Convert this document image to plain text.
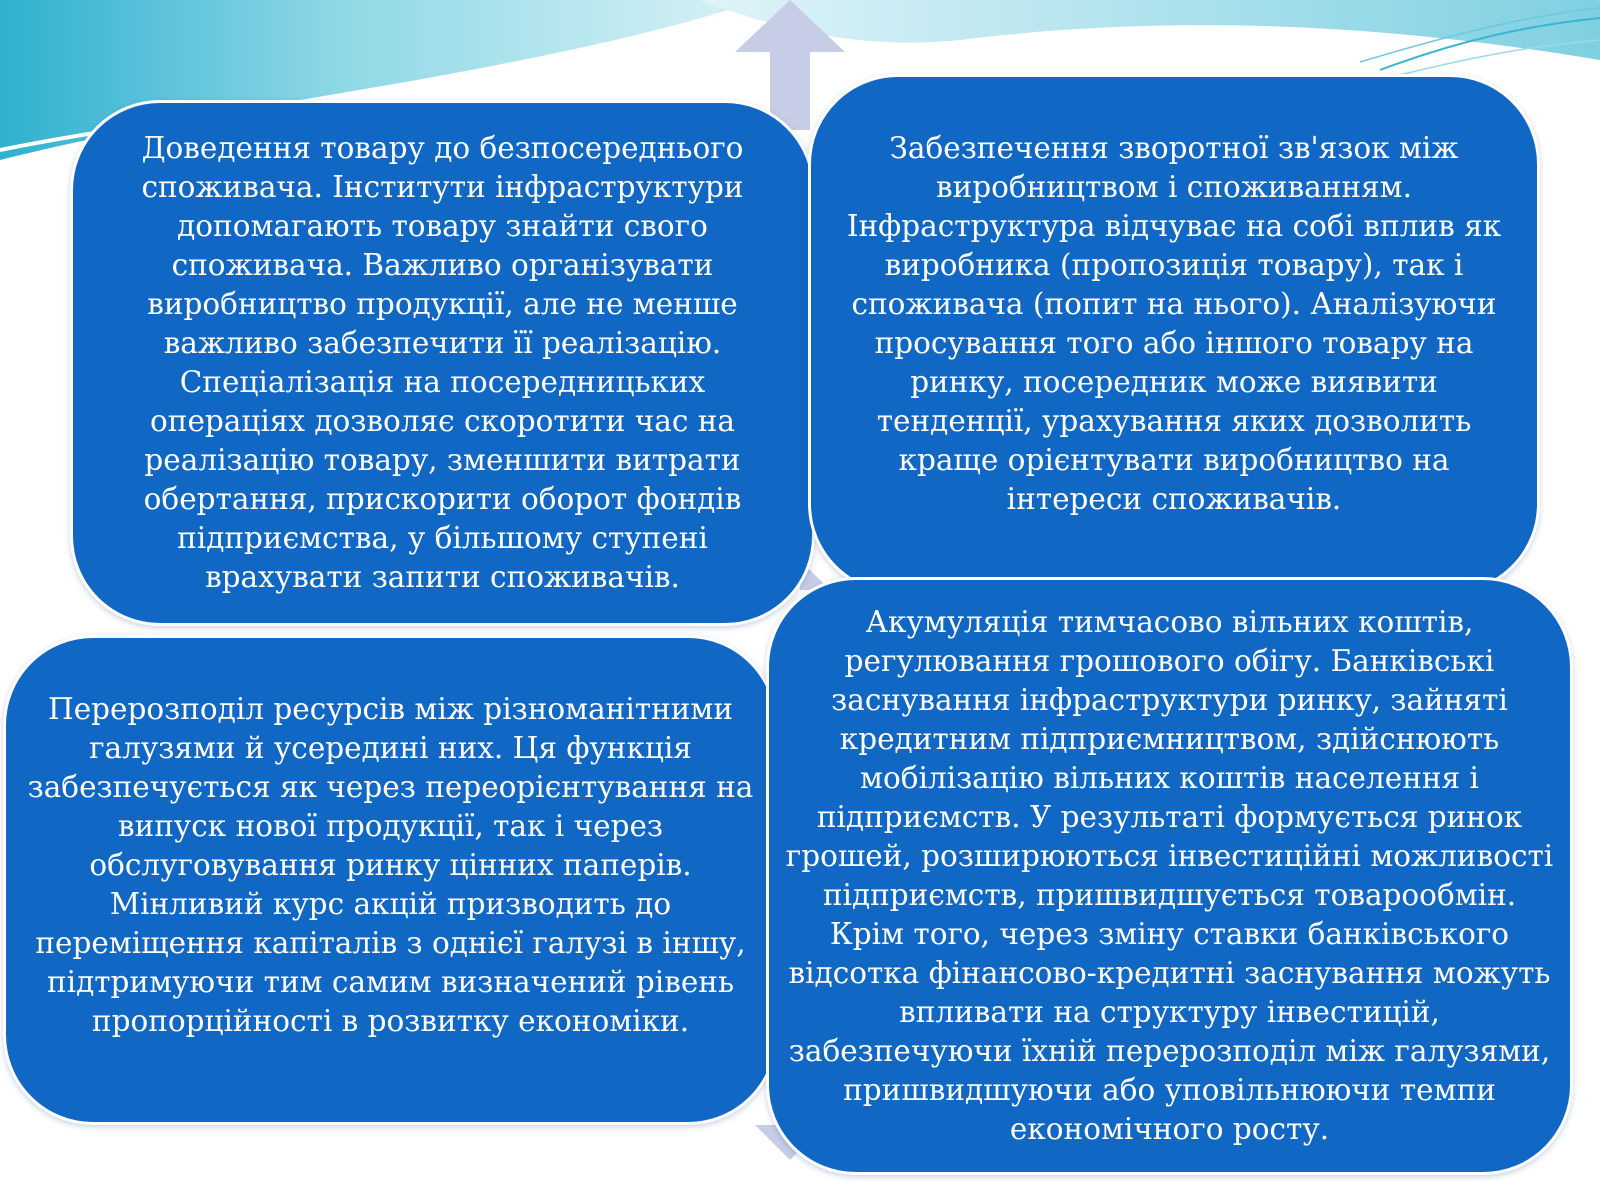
Доведення товару до безпосереднього споживача. Інститути інфраструктури допомагають товару знайти свого споживача. Важливо організувати виробництво продукції, але не менше важливо забезпечити її реалізацію. Спеціалізація на посередницьких операціях дозволяє скоротити час на реалізацію товару, зменшити витрати обертання, прискорити оборот фондів підприємства, у більшому ступені врахувати запити споживачів.

Забезпечення зворотної зв'язок між виробництвом і споживанням. Інфраструктура відчуває на собі вплив як виробника (пропозиція товару), так і споживача (попит на нього). Аналізуючи просування того або іншого товару на ринку, посередник може виявити тенденції, урахування яких дозволить краще орієнтувати виробництво на інтереси споживачів.

Перерозподіл ресурсів між різноманітними галузями й усередині них. Ця функція забезпечується як через переорієнтування на випуск нової продукції, так і через обслуговування ринку цінних паперів. Мінливий курс акцій призводить до переміщення капіталів з однієї галузі в іншу, підтримуючи тим самим визначений рівень пропорційності в розвитку економіки.

Акумуляція тимчасово вільних коштів, регулювання грошового обігу. Банківські заснування інфраструктури ринку, зайняті кредитним підприємництвом, здійснюють мобілізацію вільних коштів населення і підприємств. У результаті формується ринок грошей, розширюються інвестиційні можливості підприємств, пришвидшується товарообмін. Крім того, через зміну ставки банківського відсотка фінансово-кредитні заснування можуть впливати на структуру інвестицій, забезпечуючи їхній перерозподіл між галузями, пришвидшуючи або уповільнюючи темпи економічного росту.
